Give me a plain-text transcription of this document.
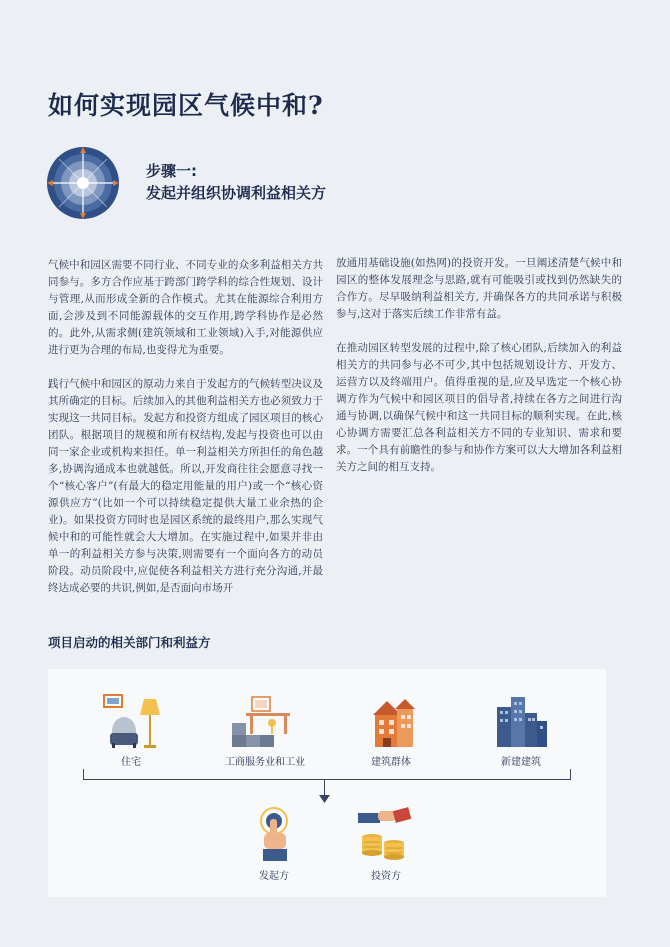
如何实现园区气候中和?
步骤一:
发起并组织协调利益相关方

气候中和园区需要不同行业、不同专业的众多利益相关方共同参与。多方合作应基于跨部门跨学科的综合性规划、设计与管理,从而形成全新的合作模式。尤其在能源综合利用方面,会涉及到不同能源载体的交互作用,跨学科协作是必然的。此外,从需求侧(建筑领域和工业领域)入手,对能源供应进行更为合理的布局,也变得尤为重要。

践行气候中和园区的原动力来自于发起方的气候转型决议及其所确定的目标。后续加入的其他利益相关方也必须致力于实现这一共同目标。发起方和投资方组成了园区项目的核心团队。根据项目的规模和所有权结构,发起与投资也可以由同一家企业或机构来担任。单一利益相关方所担任的角色越多,协调沟通成本也就越低。所以,开发商往往会愿意寻找一个“核心客户”(有最大的稳定用能量的用户)或一个“核心资源供应方”(比如一个可以持续稳定提供大量工业余热的企业)。如果投资方同时也是园区系统的最终用户,那么实现气候中和的可能性就会大大增加。在实施过程中,如果并非由单一的利益相关方参与决策,则需要有一个面向各方的动员阶段。动员阶段中,应促使各利益相关方进行充分沟通,并最终达成必要的共识,例如,是否面向市场开

放通用基础设施(如热网)的投资开发。一旦阐述清楚气候中和园区的整体发展理念与思路,就有可能吸引或找到仍然缺失的合作方。尽早吸纳利益相关方, 并确保各方的共同承诺与积极参与,这对于落实后续工作非常有益。

在推动园区转型发展的过程中,除了核心团队,后续加入的利益相关方的共同参与必不可少,其中包括规划设计方、开发方、运营方以及终端用户。值得重视的是,应及早选定一个核心协调方作为气候中和园区项目的倡导者,持续在各方之间进行沟通与协调,以确保气候中和这一共同目标的顺利实现。在此,核心协调方需要汇总各利益相关方不同的专业知识、需求和要求。一个具有前瞻性的参与和协作方案可以大大增加各利益相关方之间的相互支持。

项目启动的相关部门和利益方
住宅	工商服务业和工业	建筑群体	新建建筑
发起方	投资方
